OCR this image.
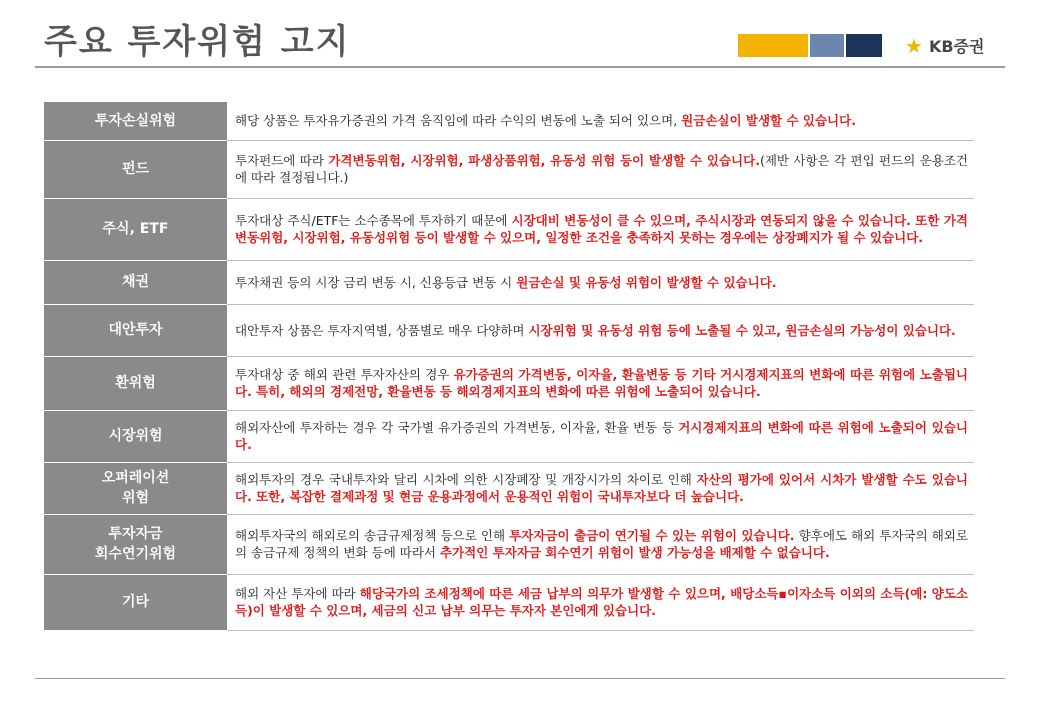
주요 투자위험 고지	★ KB증권
투자손실위험	해당 상품은 투자유가증권의 가격 움직임에 따라 수익의 변동에 노출 되어 있으며, 원금손실이 발생할 수 있습니다.
펀드	투자펀드에 따라 가격변동위험, 시장위험, 파생상품위험, 유동성 위험 등이 발생할 수 있습니다.(제반 사항은 각 편입 펀드의 운용조건에 따라 결정됩니다.)
주식, ETF	투자대상 주식/ETF는 소수종목에 투자하기 때문에 시장대비 변동성이 클 수 있으며, 주식시장과 연동되지 않을 수 있습니다. 또한 가격변동위험, 시장위험, 유동성위험 등이 발생할 수 있으며, 일정한 조건을 충족하지 못하는 경우에는 상장폐지가 될 수 있습니다.
채권	투자채권 등의 시장 금리 변동 시, 신용등급 변동 시 원금손실 및 유동성 위험이 발생할 수 있습니다.
대안투자	대안투자 상품은 투자지역별, 상품별로 매우 다양하며 시장위험 및 유동성 위험 등에 노출될 수 있고, 원금손실의 가능성이 있습니다.
환위험	투자대상 중 해외 관련 투자자산의 경우 유가증권의 가격변동, 이자율, 환율변동 등 기타 거시경제지표의 변화에 따른 위험에 노출됩니다. 특히, 해외의 경제전망, 환율변동 등 해외경제지표의 변화에 따른 위험에 노출되어 있습니다.
시장위험	해외자산에 투자하는 경우 각 국가별 유가증권의 가격변동, 이자율, 환율 변동 등 거시경제지표의 변화에 따른 위험에 노출되어 있습니다.
오퍼레이션
위험	해외투자의 경우 국내투자와 달리 시차에 의한 시장폐장 및 개장시가의 차이로 인해 자산의 평가에 있어서 시차가 발생할 수도 있습니다. 또한, 복잡한 결제과정 및 현금 운용과정에서 운용적인 위험이 국내투자보다 더 높습니다.
투자자금
회수연기위험	해외투자국의 해외로의 송금규제정책 등으로 인해 투자자금이 출금이 연기될 수 있는 위험이 있습니다. 향후에도 해외 투자국의 해외로의 송금규제 정책의 변화 등에 따라서 추가적인 투자자금 회수연기 위험이 발생 가능성을 배제할 수 없습니다.
기타	해외 자산 투자에 따라 해당국가의 조세정책에 따른 세금 납부의 의무가 발생할 수 있으며, 배당소득▪이자소득 이외의 소득(예: 양도소득)이 발생할 수 있으며, 세금의 신고 납부 의무는 투자자 본인에게 있습니다.
